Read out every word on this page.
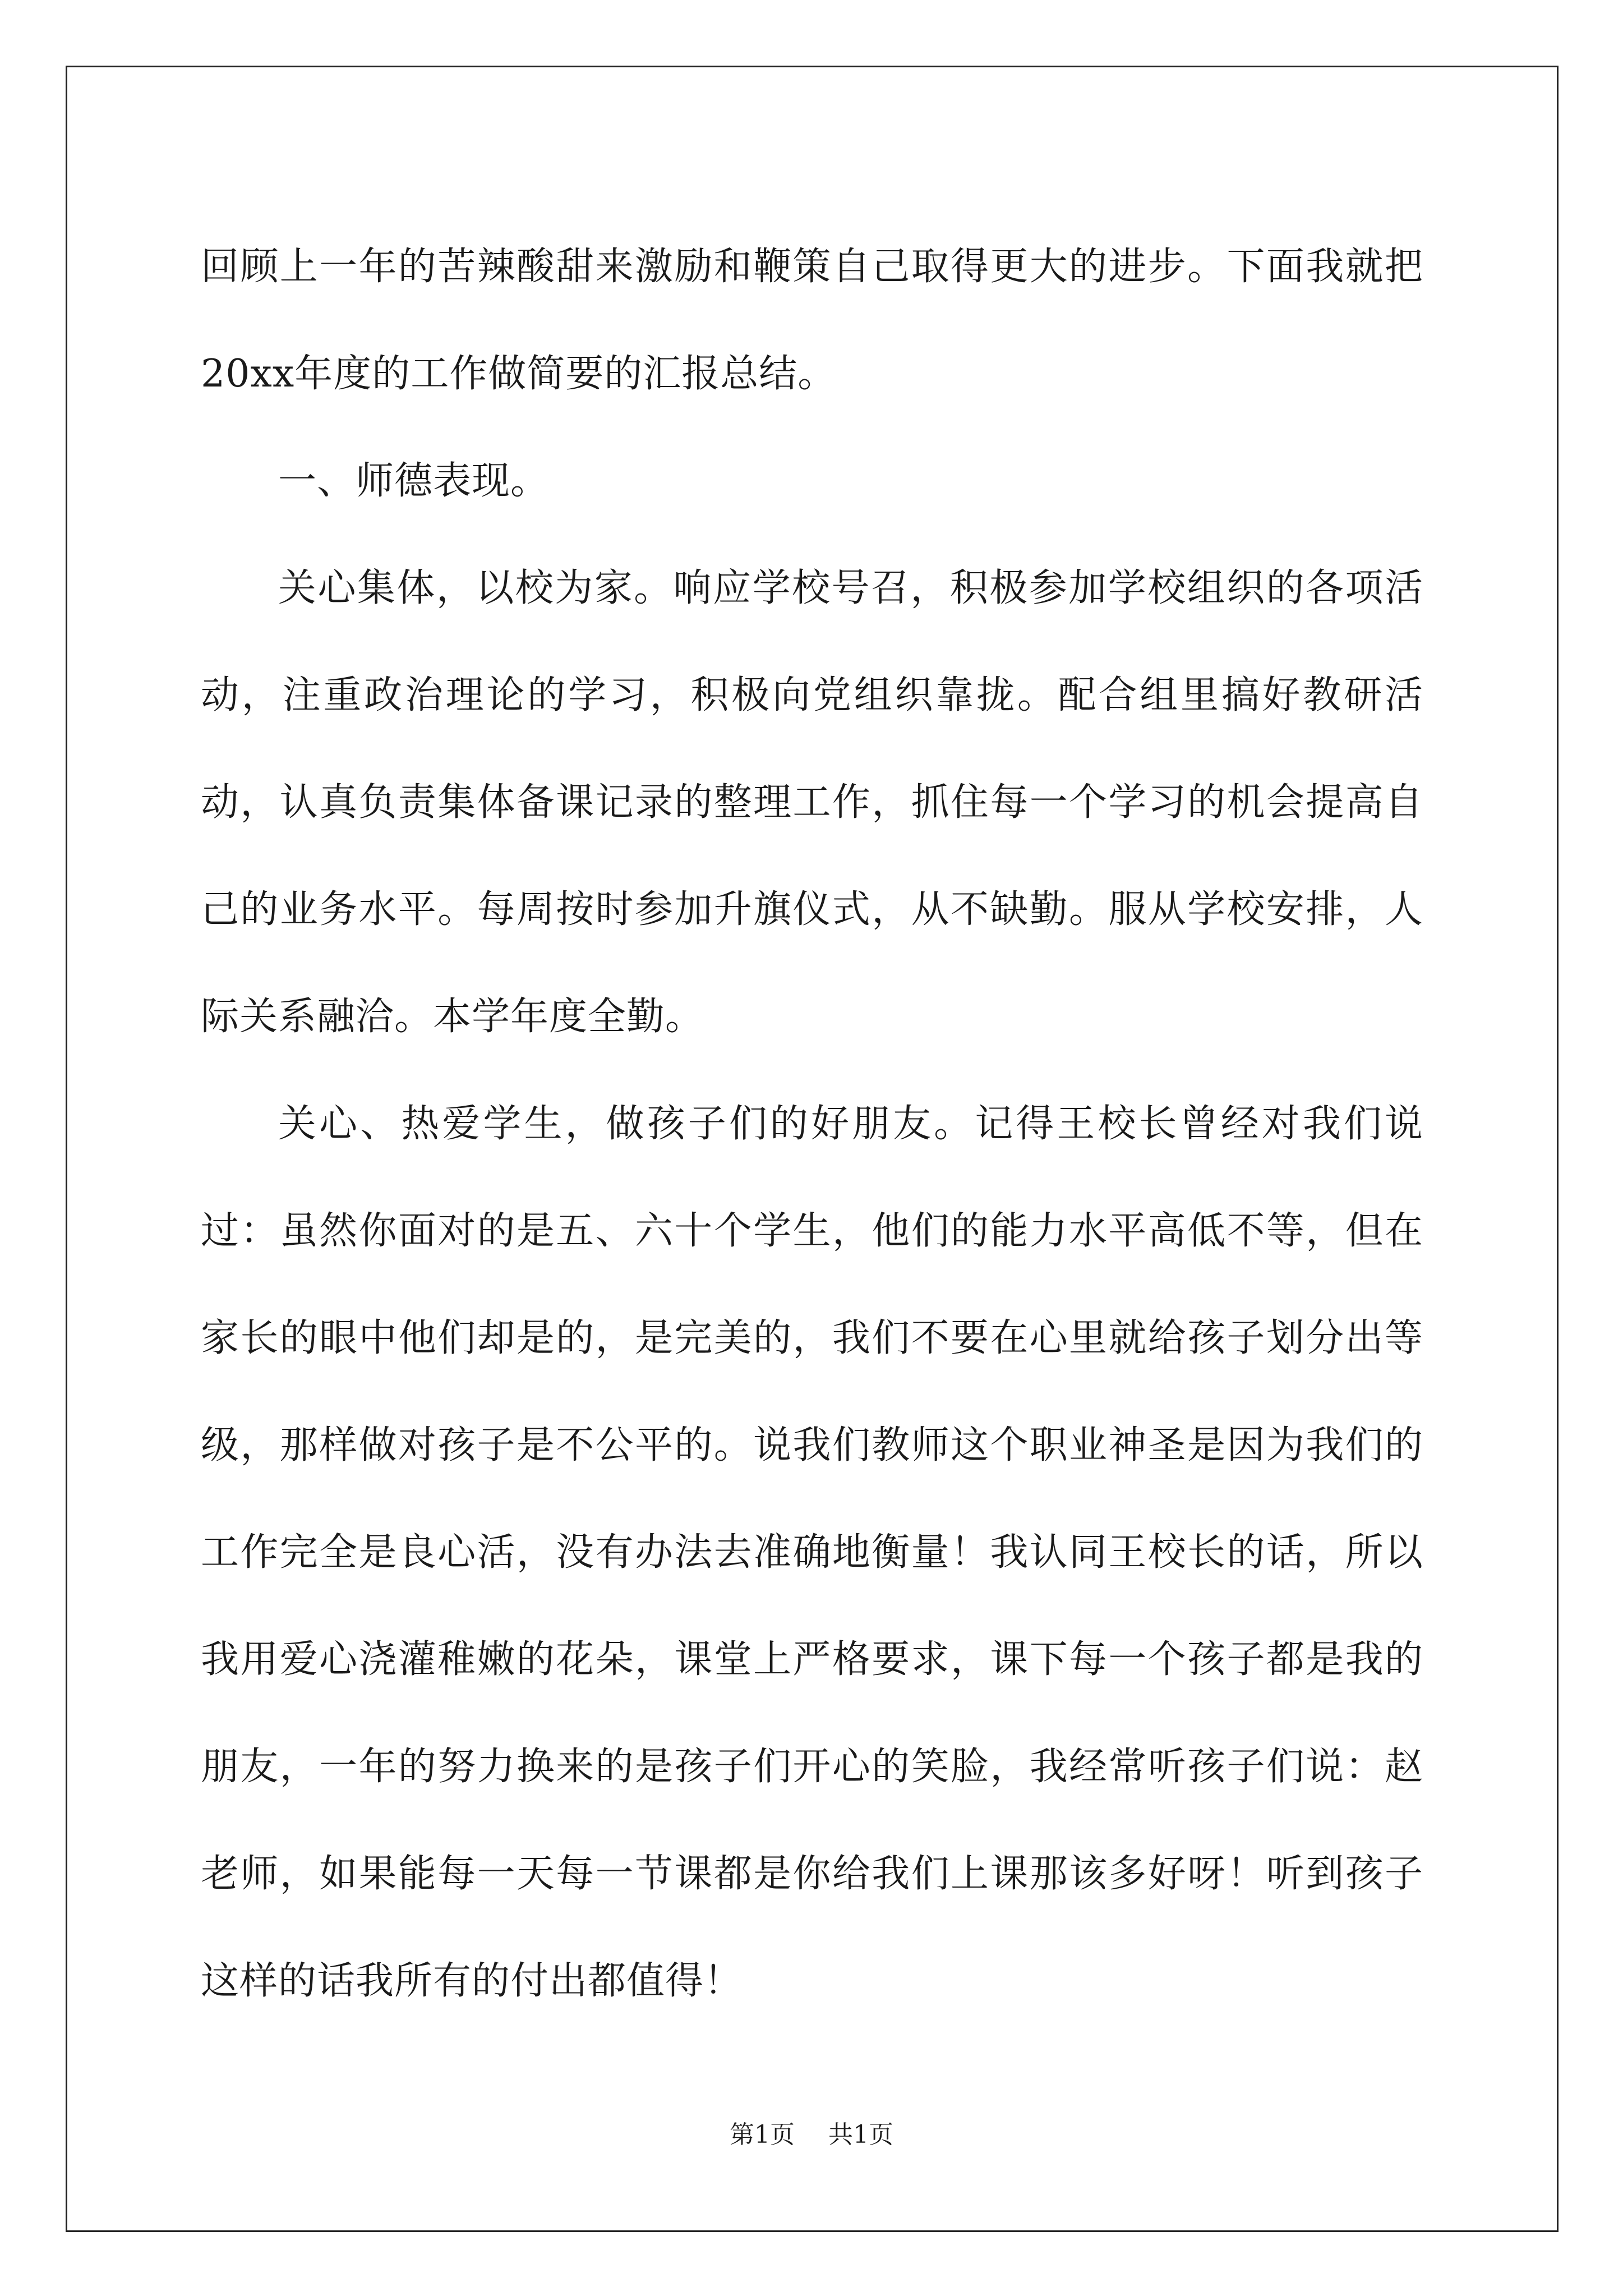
回顾上一年的苦辣酸甜来激励和鞭策自己取得更大的进步。下面我就把20xx年度的工作做简要的汇报总结。

一、师德表现。

关心集体，以校为家。响应学校号召，积极参加学校组织的各项活动，注重政治理论的学习，积极向党组织靠拢。配合组里搞好教研活动，认真负责集体备课记录的整理工作，抓住每一个学习的机会提高自己的业务水平。每周按时参加升旗仪式，从不缺勤。服从学校安排，人际关系融洽。本学年度全勤。

关心、热爱学生，做孩子们的好朋友。记得王校长曾经对我们说过：虽然你面对的是五、六十个学生，他们的能力水平高低不等，但在家长的眼中他们却是的，是完美的，我们不要在心里就给孩子划分出等级，那样做对孩子是不公平的。说我们教师这个职业神圣是因为我们的工作完全是良心活，没有办法去准确地衡量！我认同王校长的话，所以我用爱心浇灌稚嫩的花朵，课堂上严格要求，课下每一个孩子都是我的朋友，一年的努力换来的是孩子们开心的笑脸，我经常听孩子们说：赵老师，如果能每一天每一节课都是你给我们上课那该多好呀！听到孩子这样的话我所有的付出都值得！

第1页 共1页
